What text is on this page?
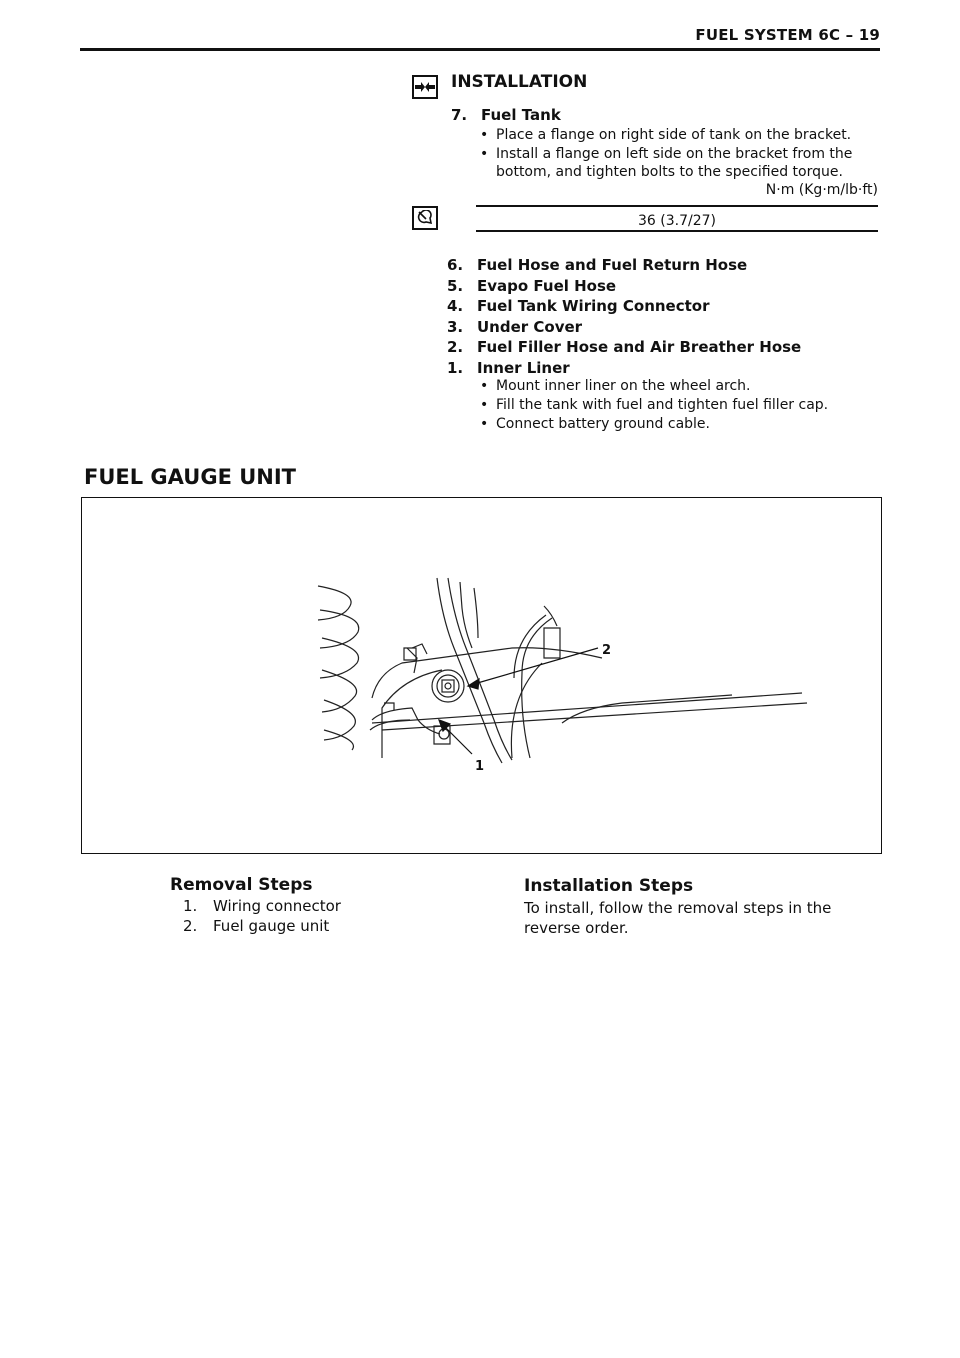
FUEL SYSTEM 6C – 19
INSTALLATION
7. Fuel Tank
• Place a flange on right side of tank on the bracket.
• Install a flange on left side on the bracket from the
bottom, and tighten bolts to the specified torque.
N·m (Kg·m/lb·ft)
36 (3.7/27)
6. Fuel Hose and Fuel Return Hose
5. Evapo Fuel Hose
4. Fuel Tank Wiring Connector
3. Under Cover
2. Fuel Filler Hose and Air Breather Hose
1. Inner Liner
• Mount inner liner on the wheel arch.
• Fill the tank with fuel and tighten fuel filler cap.
• Connect battery ground cable.
FUEL GAUGE UNIT
2
1
Removal Steps
1. Wiring connector
2. Fuel gauge unit
Installation Steps
To install, follow the removal steps in the
reverse order.
